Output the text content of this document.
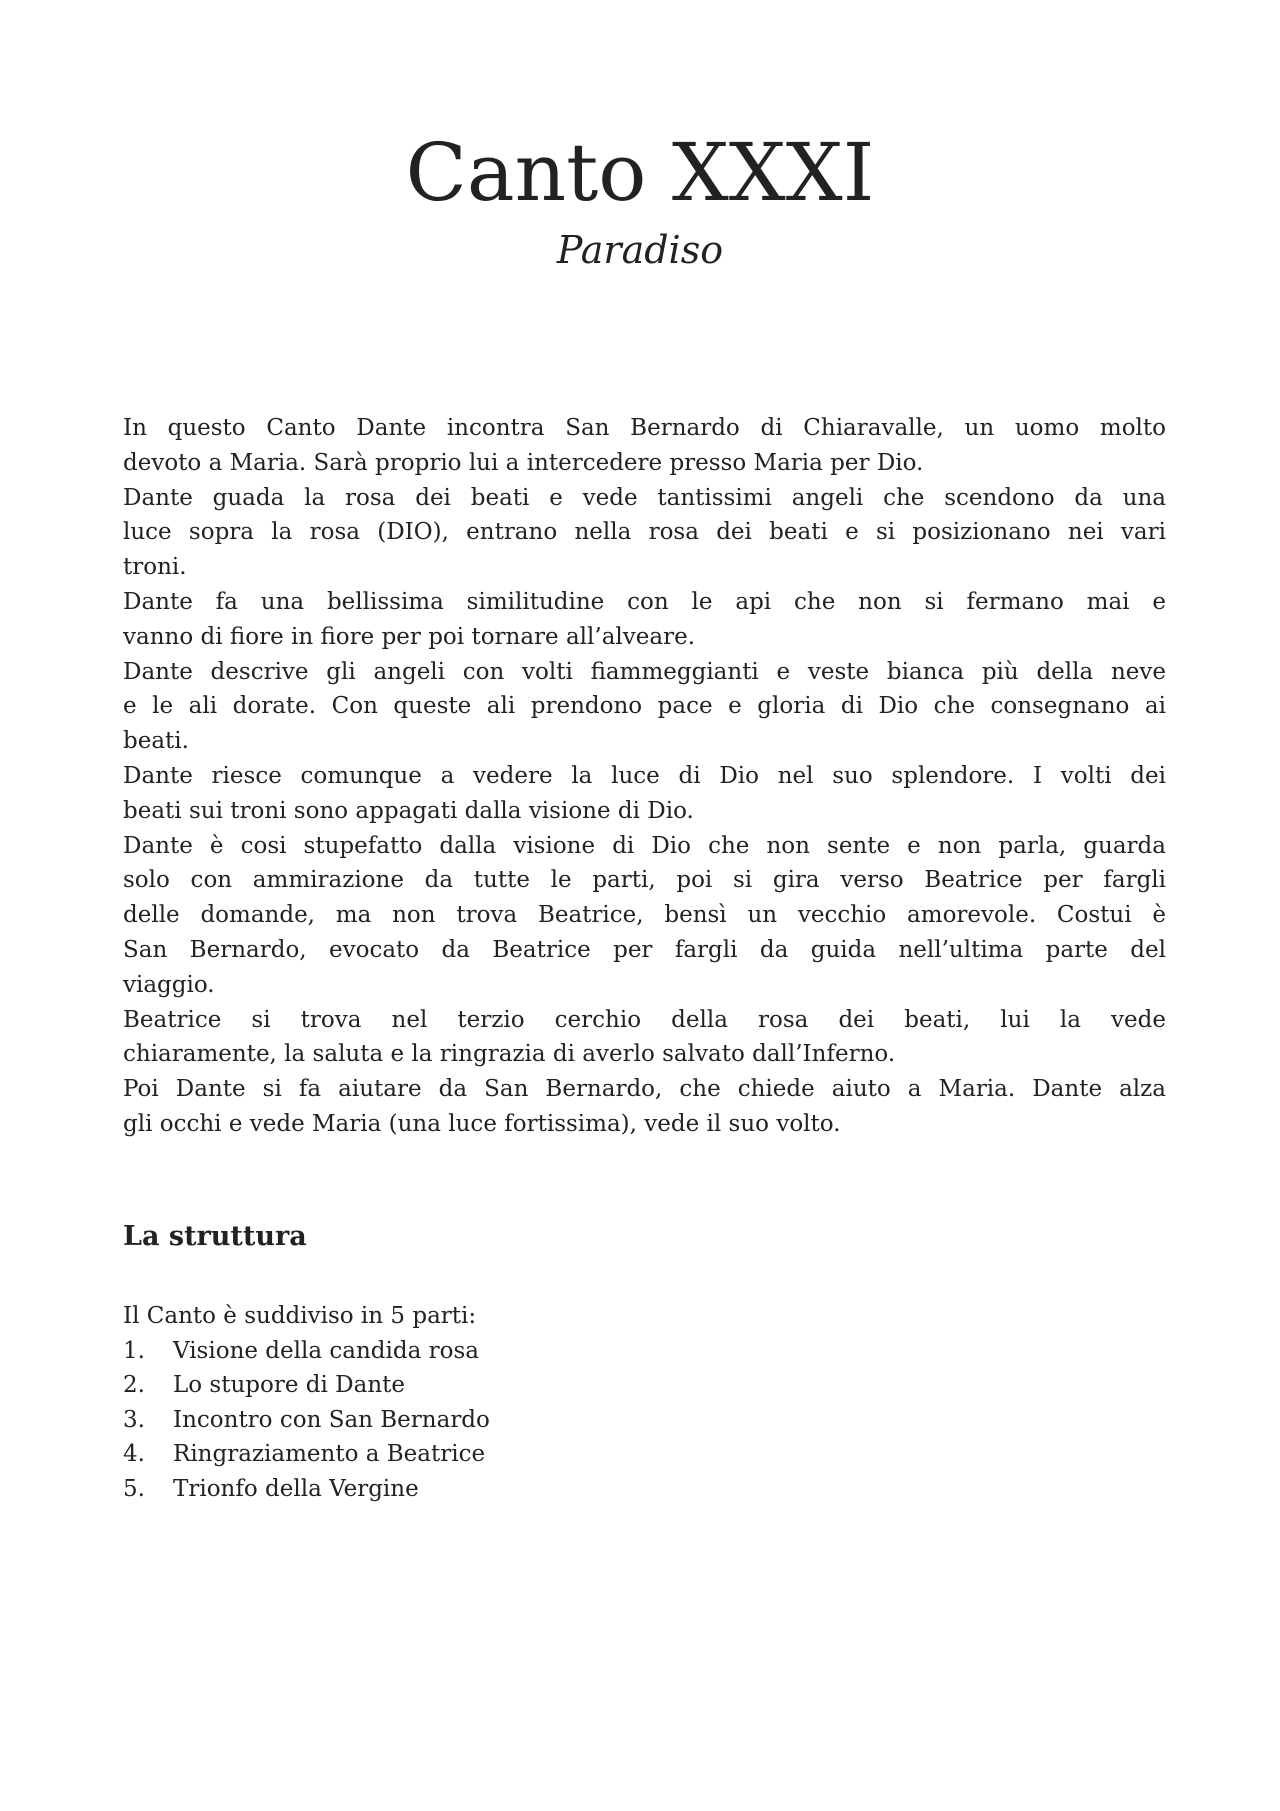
Canto XXXI
Paradiso
In questo Canto Dante incontra San Bernardo di Chiaravalle, un uomo molto
devoto a Maria. Sarà proprio lui a intercedere presso Maria per Dio.
Dante guada la rosa dei beati e vede tantissimi angeli che scendono da una
luce sopra la rosa (DIO), entrano nella rosa dei beati e si posizionano nei vari
troni.
Dante fa una bellissima similitudine con le api che non si fermano mai e
vanno di fiore in fiore per poi tornare all’alveare.
Dante descrive gli angeli con volti fiammeggianti e veste bianca più della neve
e le ali dorate. Con queste ali prendono pace e gloria di Dio che consegnano ai
beati.
Dante riesce comunque a vedere la luce di Dio nel suo splendore. I volti dei
beati sui troni sono appagati dalla visione di Dio.
Dante è cosi stupefatto dalla visione di Dio che non sente e non parla, guarda
solo con ammirazione da tutte le parti, poi si gira verso Beatrice per fargli
delle domande, ma non trova Beatrice, bensì un vecchio amorevole. Costui è
San Bernardo, evocato da Beatrice per fargli da guida nell’ultima parte del
viaggio.
Beatrice si trova nel terzio cerchio della rosa dei beati, lui la vede
chiaramente, la saluta e la ringrazia di averlo salvato dall’Inferno.
Poi Dante si fa aiutare da San Bernardo, che chiede aiuto a Maria. Dante alza
gli occhi e vede Maria (una luce fortissima), vede il suo volto.
La struttura
Il Canto è suddiviso in 5 parti:
1. Visione della candida rosa
2. Lo stupore di Dante
3. Incontro con San Bernardo
4. Ringraziamento a Beatrice
5. Trionfo della Vergine
